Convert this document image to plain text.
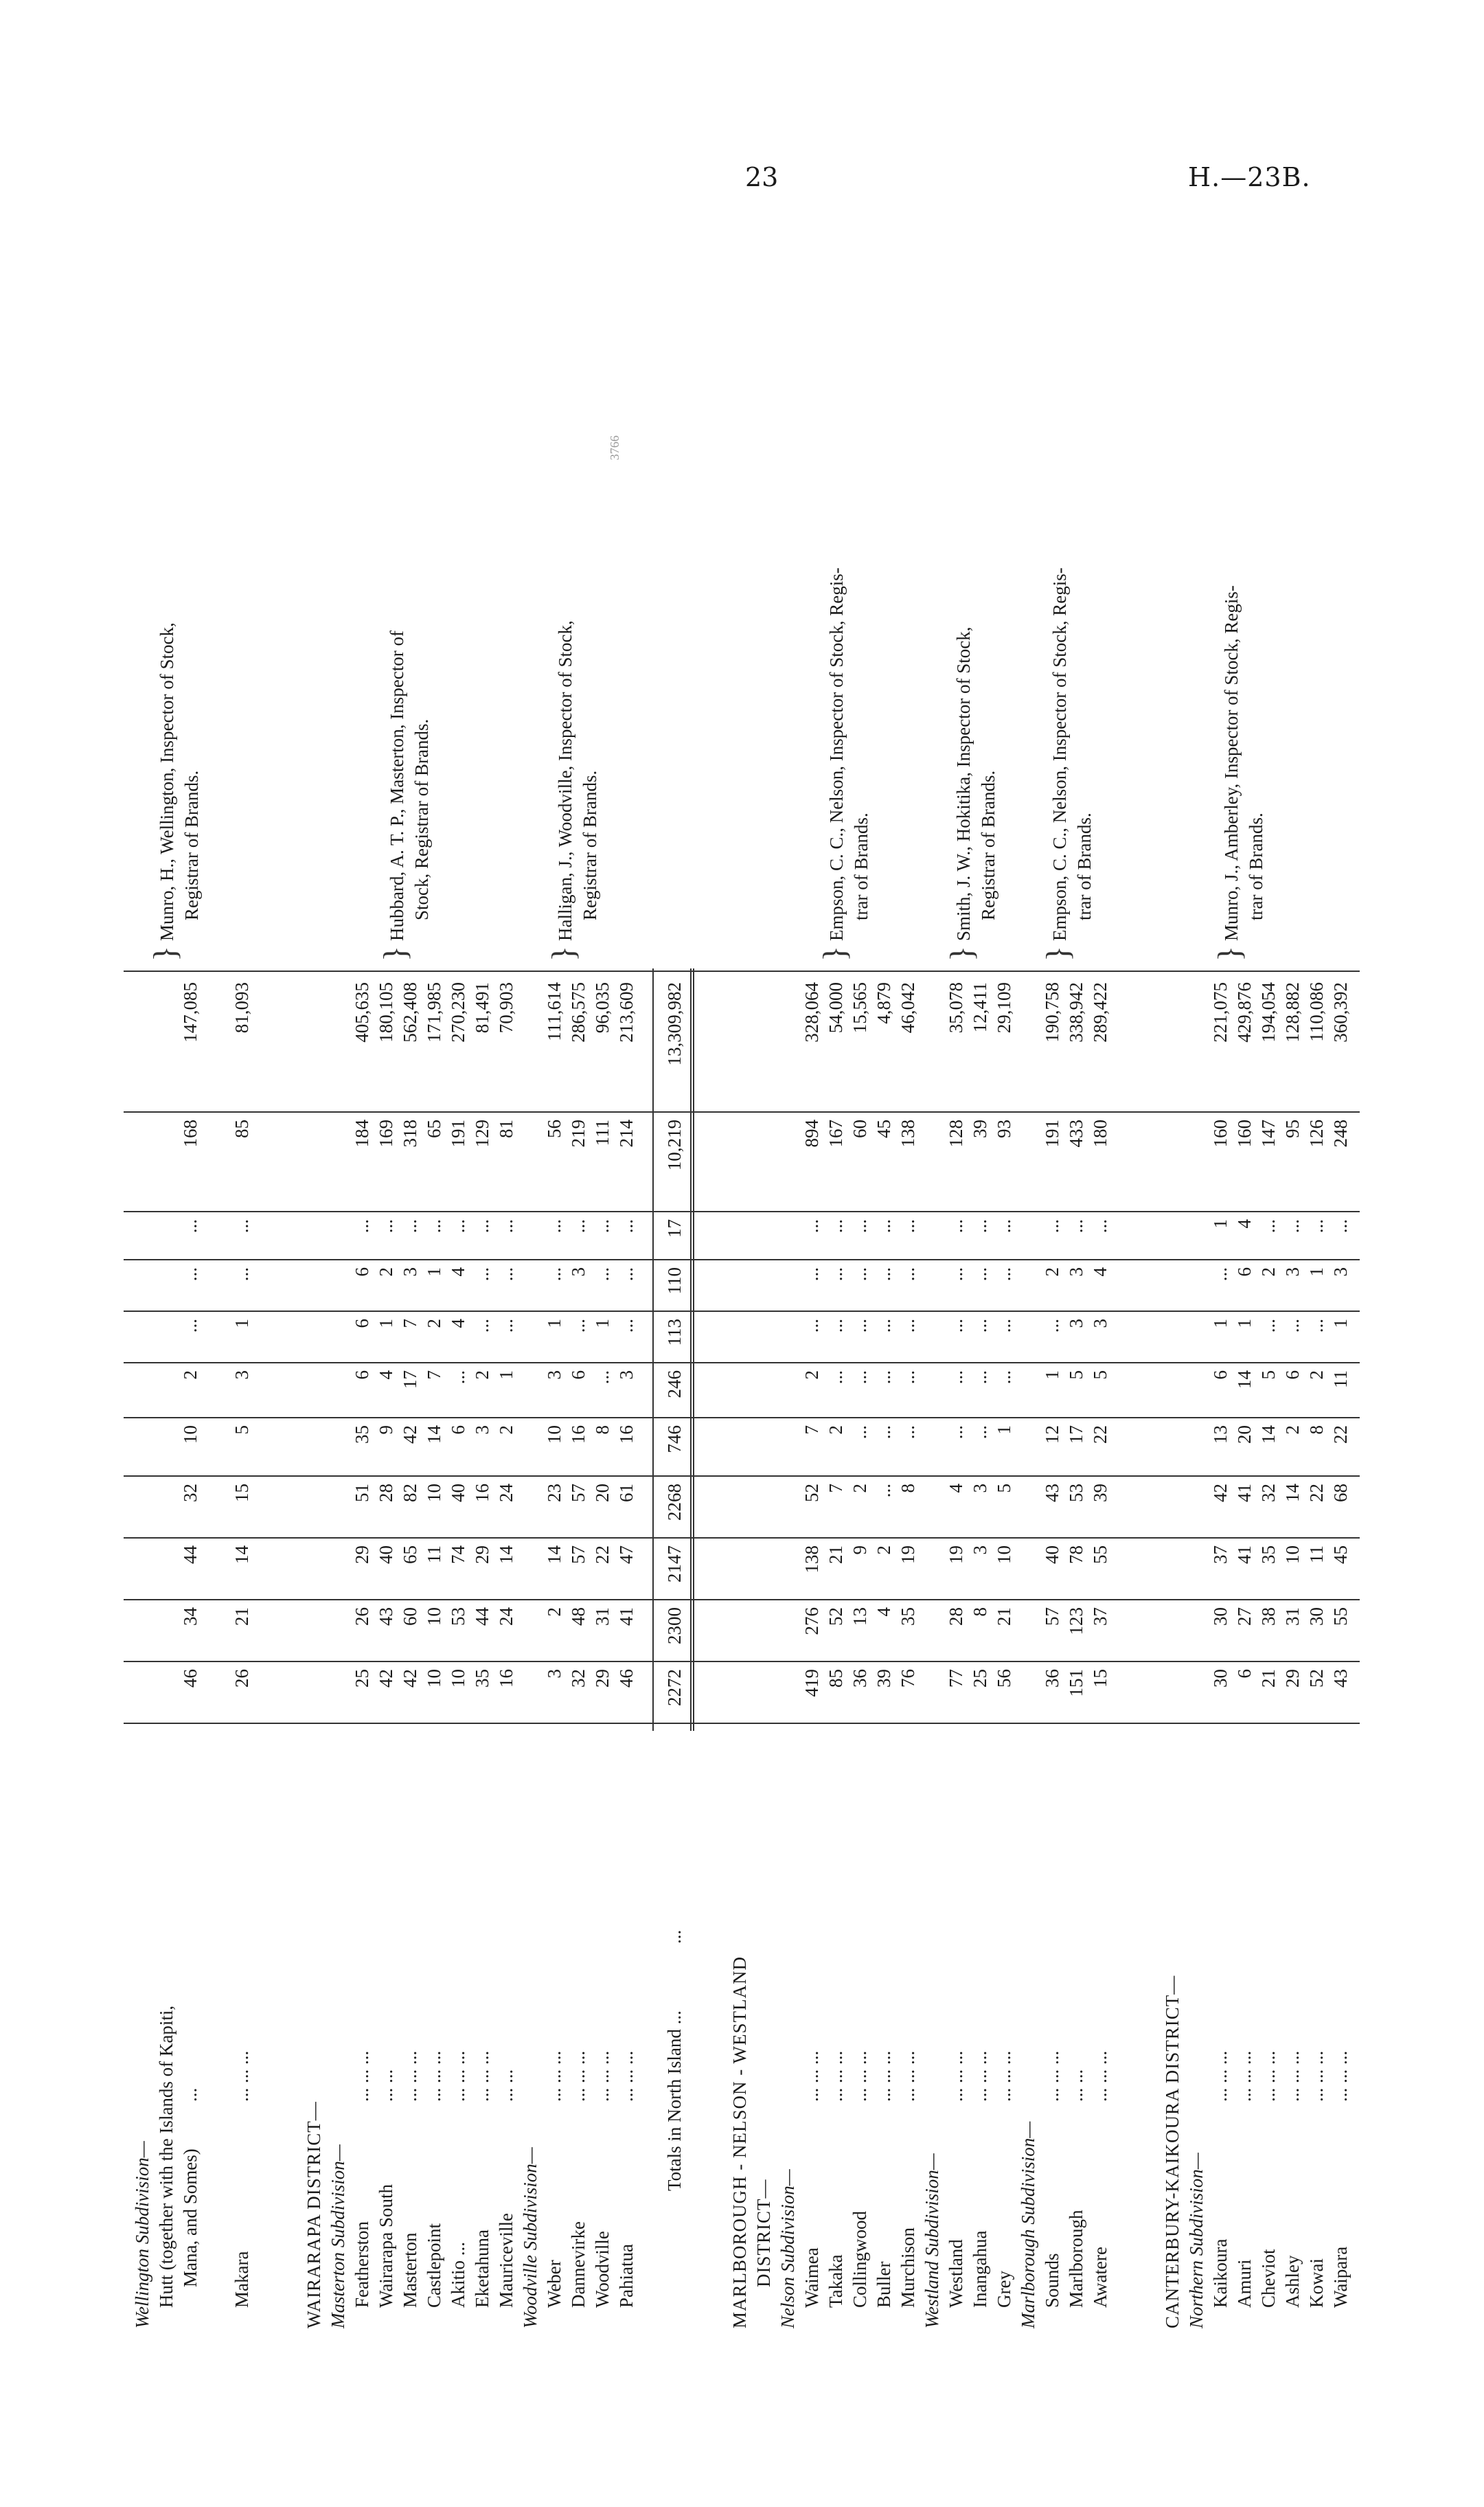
23	H.—23B.
Wellington Subdivision— Hutt (together with the Islands of Kapiti, Mana, and Somes)
...
46
34
44
32
10
2
...
...
...
168
147,085
Makara
... ... ...
26
21
14
15
5
3
1
...
...
85
81,093
WAIRARAPA DISTRICT— Masterton Subdivision— Featherston
... ... ...
25
26
29
51
35
6
6
6
...
184
405,635
Wairarapa South
... ...
42
43
40
28
9
4
1
2
...
169
180,105
Masterton
... ... ...
42
60
65
82
42
17
7
3
...
318
562,408
Castlepoint
... ... ...
10
10
11
10
14
7
2
1
...
65
171,985
Akitio ...
... ... ...
10
53
74
40
6
...
4
4
...
191
270,230
Eketahuna
... ... ...
35
44
29
16
3
2
...
...
...
129
81,491
Mauriceville
... ...
16
24
14
24
2
1
...
...
...
81
70,903
Woodville Subdivision— Weber
... ... ...
3
2
14
23
10
3
1
...
...
56
111,614
Dannevirke
... ... ...
32
48
57
57
16
6
...
3
...
219
286,575
Woodville
... ... ...
29
31
22
20
8
...
1
...
...
111
96,035
Pahiatua
... ... ...
46
41
47
61
16
3
...
...
...
214
213,609
Totals in North Island ...
...
2272
2300
2147
2268
746
246
113
110
17
10,219
13,309,982
MARLBOROUGH - NELSON - WESTLAND DISTRICT— Nelson Subdivision— Waimea
... ... ...
419
276
138
52
7
2
...
...
...
894
328,064
Takaka
... ... ...
85
52
21
7
2
...
...
...
...
167
54,000
Collingwood
... ... ...
36
13
9
2
...
...
...
...
...
60
15,565
Buller
... ... ...
39
4
2
...
...
...
...
...
...
45
4,879
Murchison
... ... ...
76
35
19
8
...
...
...
...
...
138
46,042
Westland Subdivision— Westland
... ... ...
77
28
19
4
...
...
...
...
...
128
35,078
Inangahua
... ... ...
25
8
3
3
...
...
...
...
...
39
12,411
Grey
... ... ...
56
21
10
5
1
...
...
...
...
93
29,109
Marlborough Subdivision— Sounds
... ... ...
36
57
40
43
12
1
...
2
...
191
190,758
Marlborough
... ...
151
123
78
53
17
5
3
3
...
433
338,942
Awatere
... ... ...
15
37
55
39
22
5
3
4
...
180
289,422
CANTERBURY-KAIKOURA DISTRICT— Northern Subdivision— Kaikoura
... ... ...
30
30
37
42
13
6
1
...
1
160
221,075
Amuri
... ... ...
6
27
41
41
20
14
1
6
4
160
429,876
Cheviot
... ... ...
21
38
35
32
14
5
...
2
...
147
194,054
Ashley
... ... ...
29
31
10
14
2
6
...
3
...
95
128,882
Kowai
... ... ...
52
30
11
22
8
2
...
1
...
126
110,086
Waipara
... ... ...
43
55
45
68
22
11
1
3
...
248
360,392
}
Munro, H., Wellington, Inspector of Stock, Registrar of Brands.
}
Hubbard, A. T. P., Masterton, Inspector of Stock, Registrar of Brands.
}
Halligan, J., Woodville, Inspector of Stock, Registrar of Brands.
}
Empson, C. C., Nelson, Inspector of Stock, Regis- trar of Brands.
}
Smith, J. W., Hokitika, Inspector of Stock, Registrar of Brands.
}
Empson, C. C., Nelson, Inspector of Stock, Regis- trar of Brands.
}
Munro, J., Amberley, Inspector of Stock, Regis- trar of Brands.
3766
